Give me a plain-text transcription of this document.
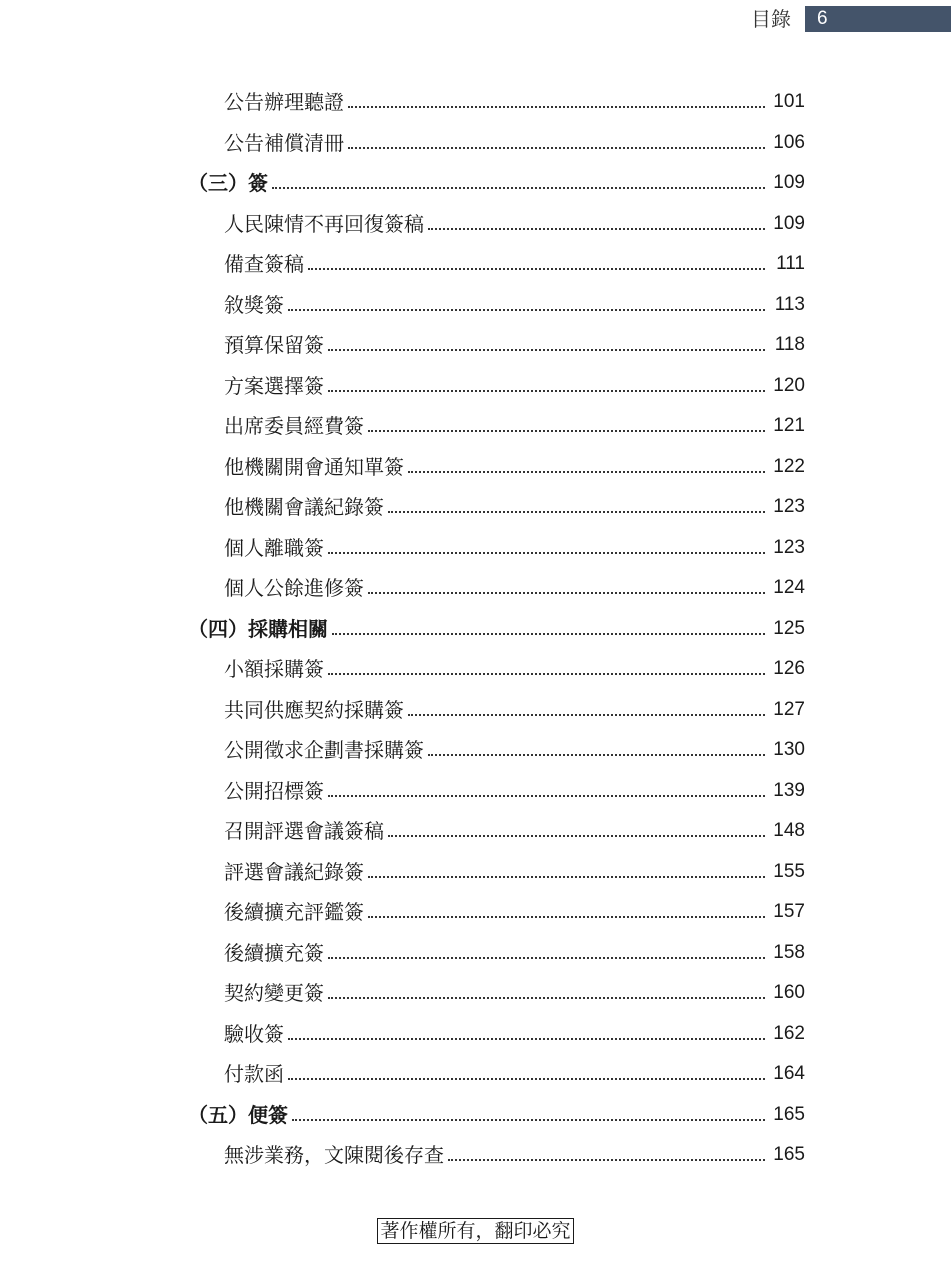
目錄	6
公告辦理聽證	101
公告補償清冊	106
（三）簽	109
人民陳情不再回復簽稿	109
備查簽稿	111
敘獎簽	113
預算保留簽	118
方案選擇簽	120
出席委員經費簽	121
他機關開會通知單簽	122
他機關會議紀錄簽	123
個人離職簽	123
個人公餘進修簽	124
（四）採購相關	125
小額採購簽	126
共同供應契約採購簽	127
公開徵求企劃書採購簽	130
公開招標簽	139
召開評選會議簽稿	148
評選會議紀錄簽	155
後續擴充評鑑簽	157
後續擴充簽	158
契約變更簽	160
驗收簽	162
付款函	164
（五）便簽	165
無涉業務，文陳閱後存查	165
著作權所有，翻印必究
